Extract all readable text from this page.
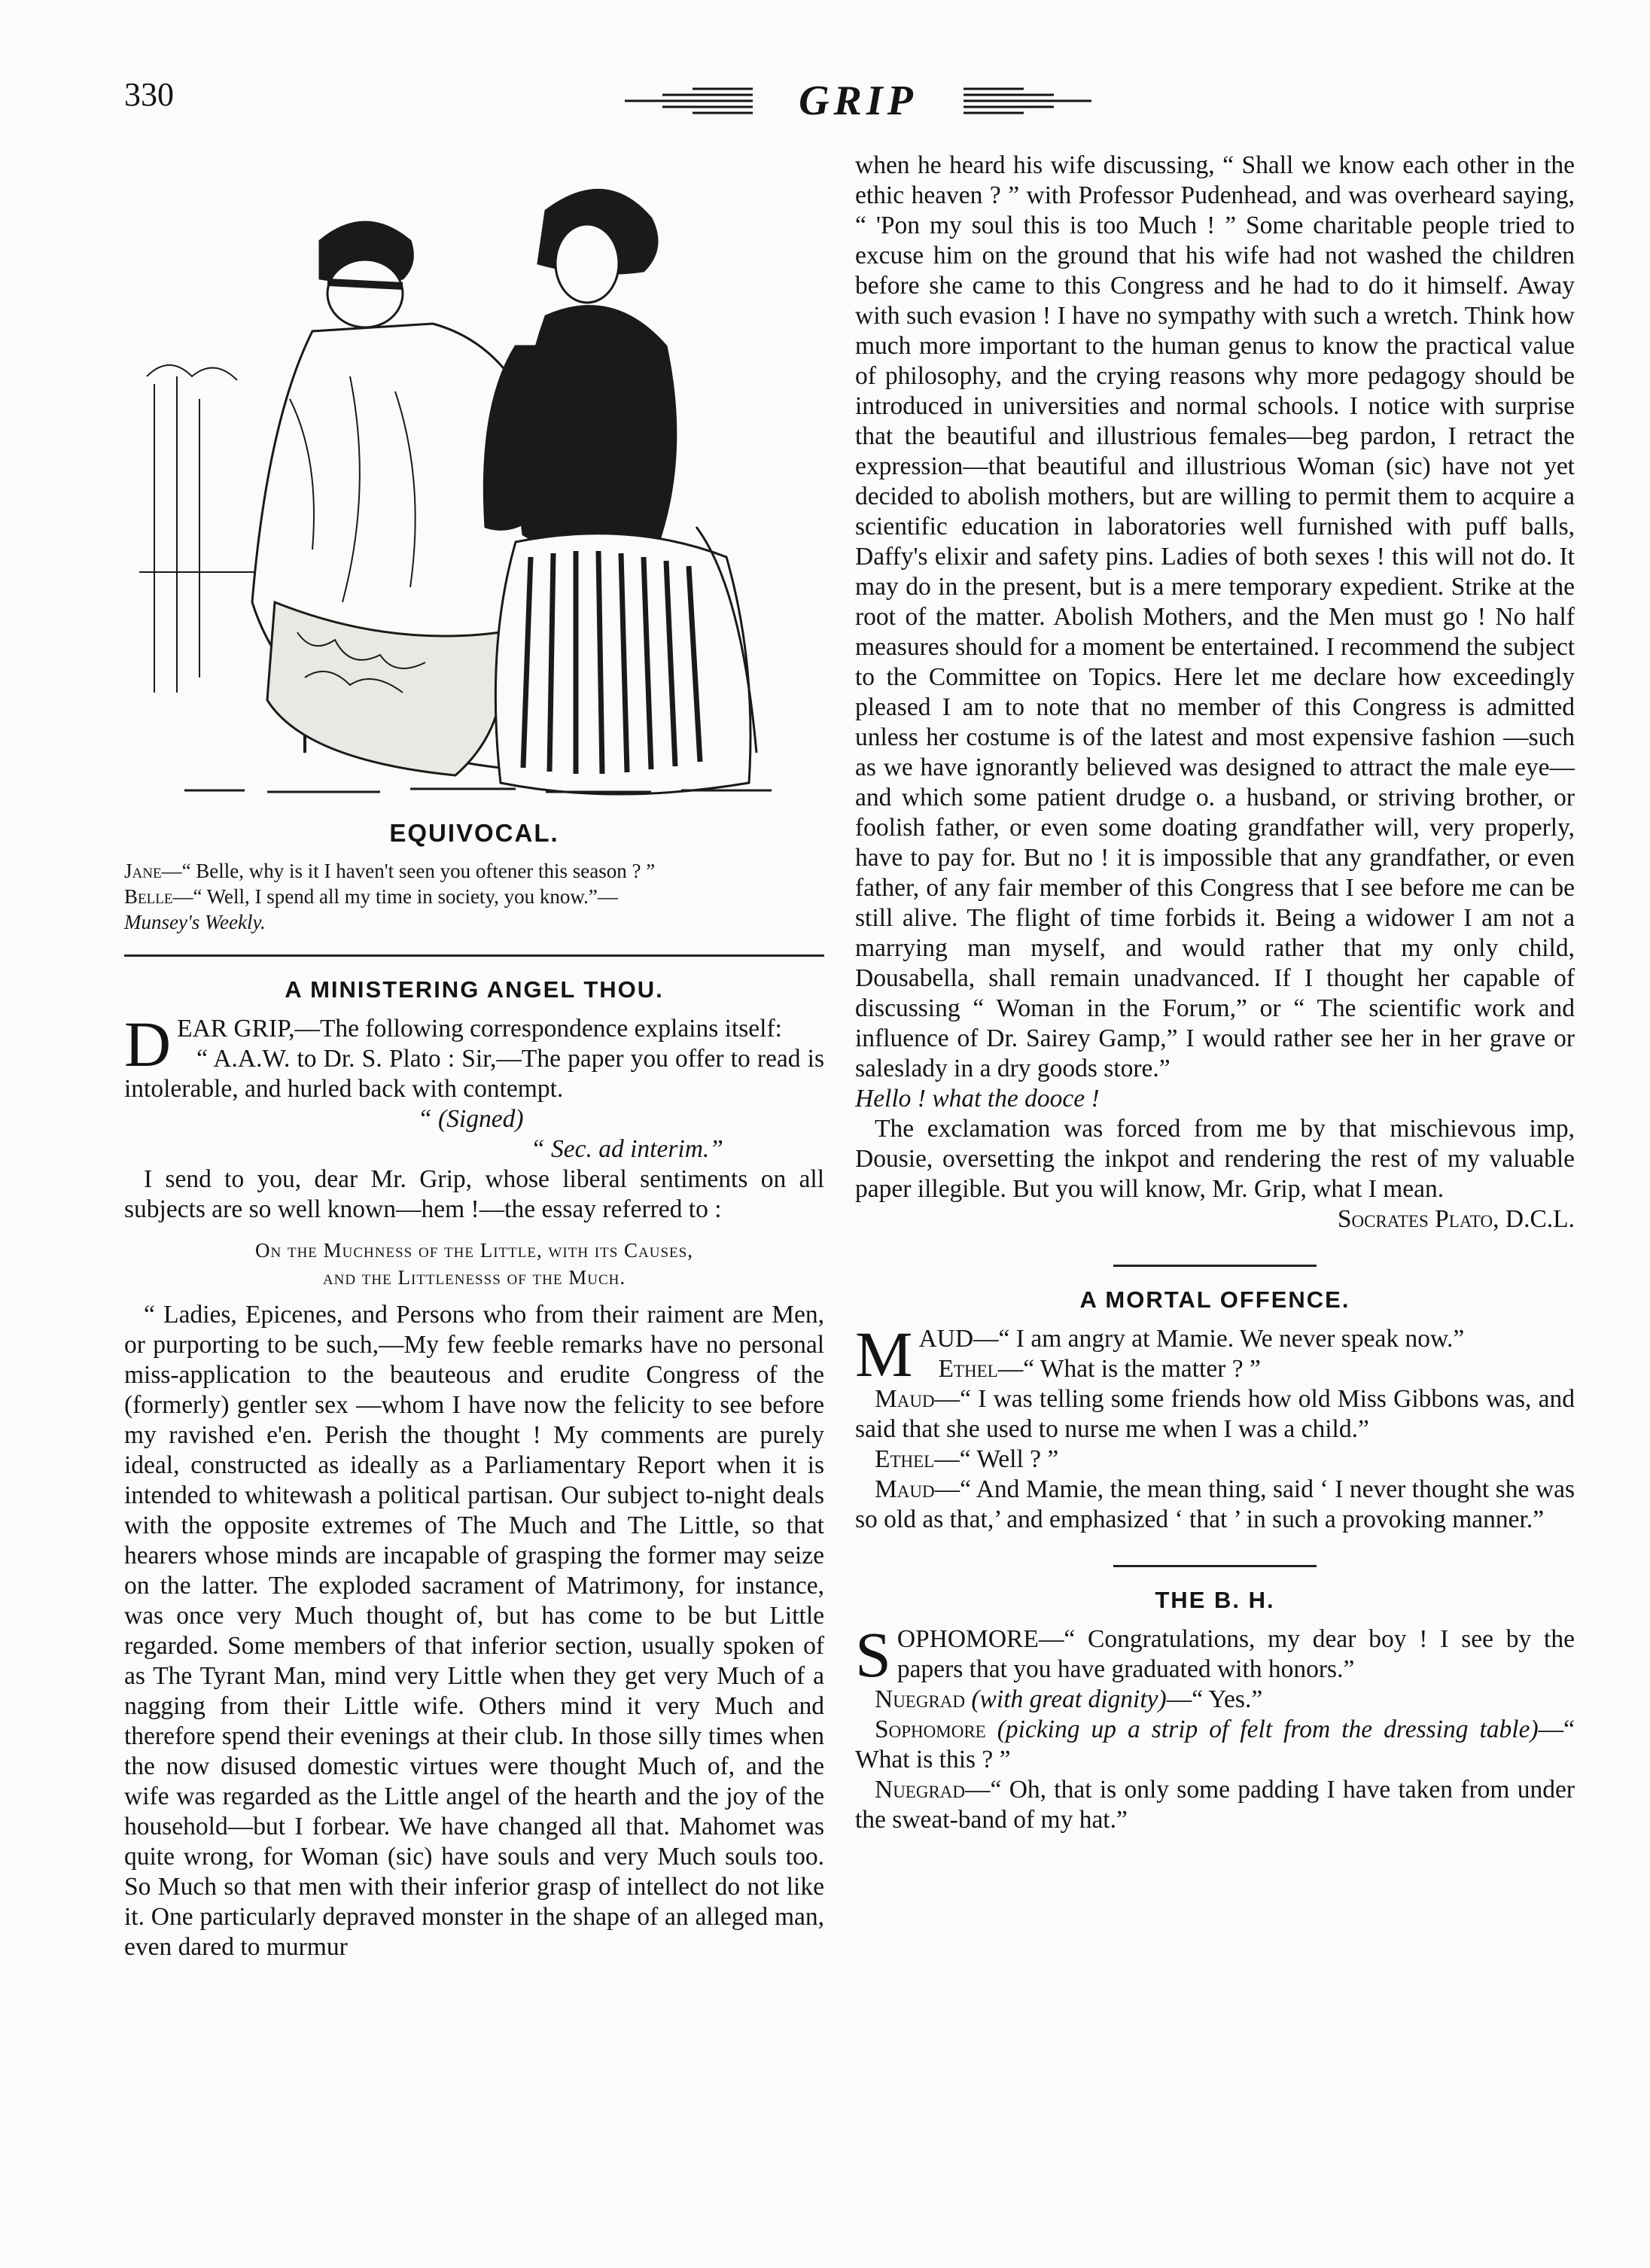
330	GRIP
EQUIVOCAL.

Jane—“ Belle, why is it I haven't seen you oftener this season ? ”

Belle—“ Well, I spend all my time in society, you know.”—

Munsey's Weekly.

A MINISTERING ANGEL THOU.

DEAR GRIP,—The following correspondence explains itself:

“ A.A.W. to Dr. S. Plato : Sir,—The paper you offer to read is intolerable, and hurled back with contempt.

“ (Signed)

“ Sec. ad interim.”

I send to you, dear Mr. Grip, whose liberal sentiments on all subjects are so well known—hem !—the essay referred to :

On the Muchness of the Little, with its Causes,
and the Littlenesss of the Much.

“ Ladies, Epicenes, and Persons who from their raiment are Men, or purporting to be such,—My few feeble remarks have no personal miss-application to the beauteous and erudite Congress of the (formerly) gentler sex —whom I have now the felicity to see before my ravished e'en. Perish the thought ! My comments are purely ideal, constructed as ideally as a Parliamentary Report when it is intended to whitewash a political partisan. Our subject to-night deals with the opposite extremes of The Much and The Little, so that hearers whose minds are incapable of grasping the former may seize on the latter. The exploded sacrament of Matrimony, for instance, was once very Much thought of, but has come to be but Little regarded. Some members of that inferior section, usually spoken of as The Tyrant Man, mind very Little when they get very Much of a nagging from their Little wife. Others mind it very Much and therefore spend their evenings at their club. In those silly times when the now disused domestic virtues were thought Much of, and the wife was regarded as the Little angel of the hearth and the joy of the household—but I forbear. We have changed all that. Mahomet was quite wrong, for Woman (sic) have souls and very Much souls too. So Much so that men with their inferior grasp of intellect do not like it. One particularly depraved monster in the shape of an alleged man, even dared to murmur

when he heard his wife discussing, “ Shall we know each other in the ethic heaven ? ” with Professor Pudenhead, and was overheard saying, “ 'Pon my soul this is too Much ! ” Some charitable people tried to excuse him on the ground that his wife had not washed the children before she came to this Congress and he had to do it himself. Away with such evasion ! I have no sympathy with such a wretch. Think how much more important to the human genus to know the practical value of philosophy, and the crying reasons why more pedagogy should be introduced in universities and normal schools. I notice with surprise that the beautiful and illustrious females—beg pardon, I retract the expression—that beautiful and illustrious Woman (sic) have not yet decided to abolish mothers, but are willing to permit them to acquire a scientific education in laboratories well furnished with puff balls, Daffy's elixir and safety pins. Ladies of both sexes ! this will not do. It may do in the present, but is a mere temporary expedient. Strike at the root of the matter. Abolish Mothers, and the Men must go ! No half measures should for a moment be entertained. I recommend the subject to the Committee on Topics. Here let me declare how exceedingly pleased I am to note that no member of this Congress is admitted unless her costume is of the latest and most expensive fashion —such as we have ignorantly believed was designed to attract the male eye—and which some patient drudge o. a husband, or striving brother, or foolish father, or even some doating grandfather will, very properly, have to pay for. But no ! it is impossible that any grandfather, or even father, of any fair member of this Congress that I see before me can be still alive. The flight of time forbids it. Being a widower I am not a marrying man myself, and would rather that my only child, Dousabella, shall remain unadvanced. If I thought her capable of discussing “ Woman in the Forum,” or “ The scientific work and influence of Dr. Sairey Gamp,” I would rather see her in her grave or saleslady in a dry goods store.”

Hello ! what the dooce !

The exclamation was forced from me by that mischievous imp, Dousie, oversetting the inkpot and rendering the rest of my valuable paper illegible. But you will know, Mr. Grip, what I mean.

Socrates Plato, D.C.L.

A MORTAL OFFENCE.

MAUD—“ I am angry at Mamie. We never speak now.”

Ethel—“ What is the matter ? ”

Maud—“ I was telling some friends how old Miss Gibbons was, and said that she used to nurse me when I was a child.”

Ethel—“ Well ? ”

Maud—“ And Mamie, the mean thing, said ‘ I never thought she was so old as that,’ and emphasized ‘ that ’ in such a provoking manner.”

THE B. H.

SOPHOMORE—“ Congratulations, my dear boy ! I see by the papers that you have graduated with honors.”

Nuegrad (with great dignity)—“ Yes.”

Sophomore (picking up a strip of felt from the dressing table)—“ What is this ? ”

Nuegrad—“ Oh, that is only some padding I have taken from under the sweat-band of my hat.”
